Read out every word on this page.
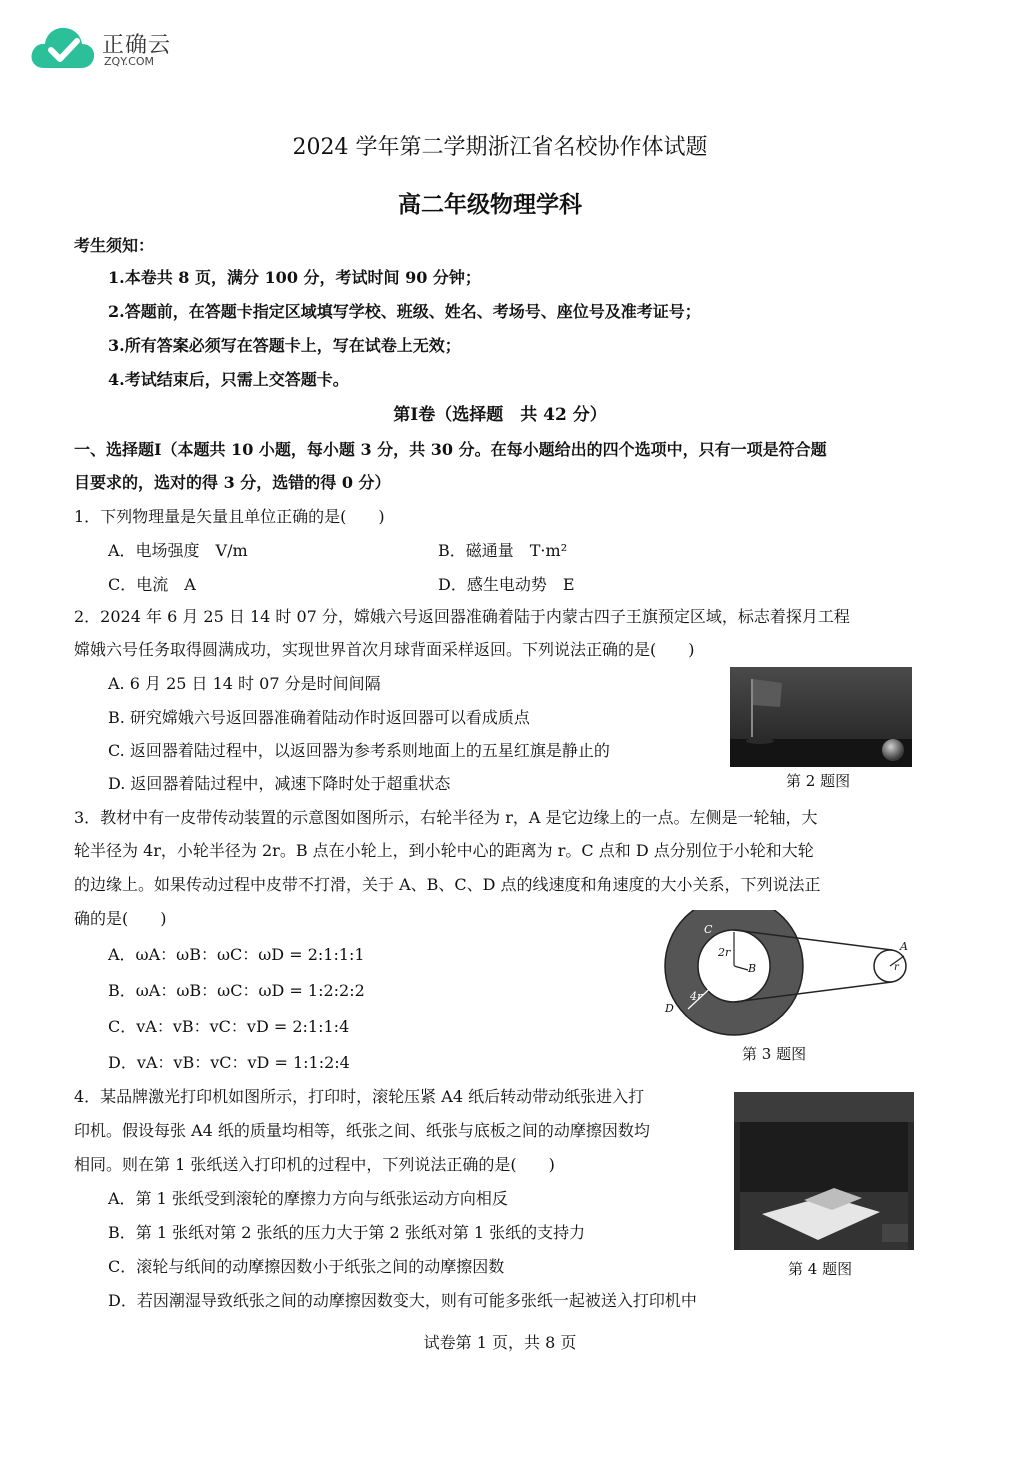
正确云
ZQY.COM
2024 学年第二学期浙江省名校协作体试题
高二年级物理学科
考生须知：
1.本卷共 8 页，满分 100 分，考试时间 90 分钟；
2.答题前，在答题卡指定区域填写学校、班级、姓名、考场号、座位号及准考证号；
3.所有答案必须写在答题卡上，写在试卷上无效；
4.考试结束后，只需上交答题卡。
第Ⅰ卷（选择题　共 42 分）
一、选择题Ⅰ（本题共 10 小题，每小题 3 分，共 30 分。在每小题给出的四个选项中，只有一项是符合题
目要求的，选对的得 3 分，选错的得 0 分）
1．下列物理量是矢量且单位正确的是(　　)
A．电场强度　V/m	B．磁通量　T·m²
C．电流　A	D．感生电动势　E
2．2024 年 6 月 25 日 14 时 07 分，嫦娥六号返回器准确着陆于内蒙古四子王旗预定区域，标志着探月工程
嫦娥六号任务取得圆满成功，实现世界首次月球背面采样返回。下列说法正确的是(　　)
A. 6 月 25 日 14 时 07 分是时间间隔
B. 研究嫦娥六号返回器准确着陆动作时返回器可以看成质点
C. 返回器着陆过程中，以返回器为参考系则地面上的五星红旗是静止的
D. 返回器着陆过程中，减速下降时处于超重状态	第 2 题图
3．教材中有一皮带传动装置的示意图如图所示，右轮半径为 r，A 是它边缘上的一点。左侧是一轮轴，大
轮半径为 4r，小轮半径为 2r。B 点在小轮上，到小轮中心的距离为 r。C 点和 D 点分别位于小轮和大轮
的边缘上。如果传动过程中皮带不打滑，关于 A、B、C、D 点的线速度和角速度的大小关系，下列说法正
确的是(　　)
A．ωA：ωB：ωC：ωD = 2:1:1:1
B．ωA：ωB：ωC：ωD = 1:2:2:2
C．vA：vB：vC：vD = 2:1:1:4
D．vA：vB：vC：vD = 1:1:2:4
C
2r
B
4r
D
A
r
第 3 题图
4．某品牌激光打印机如图所示，打印时，滚轮压紧 A4 纸后转动带动纸张进入打
印机。假设每张 A4 纸的质量均相等，纸张之间、纸张与底板之间的动摩擦因数均
相同。则在第 1 张纸送入打印机的过程中，下列说法正确的是(　　)
A．第 1 张纸受到滚轮的摩擦力方向与纸张运动方向相反
B．第 1 张纸对第 2 张纸的压力大于第 2 张纸对第 1 张纸的支持力
C．滚轮与纸间的动摩擦因数小于纸张之间的动摩擦因数
D．若因潮湿导致纸张之间的动摩擦因数变大，则有可能多张纸一起被送入打印机中
第 4 题图
试卷第 1 页，共 8 页
